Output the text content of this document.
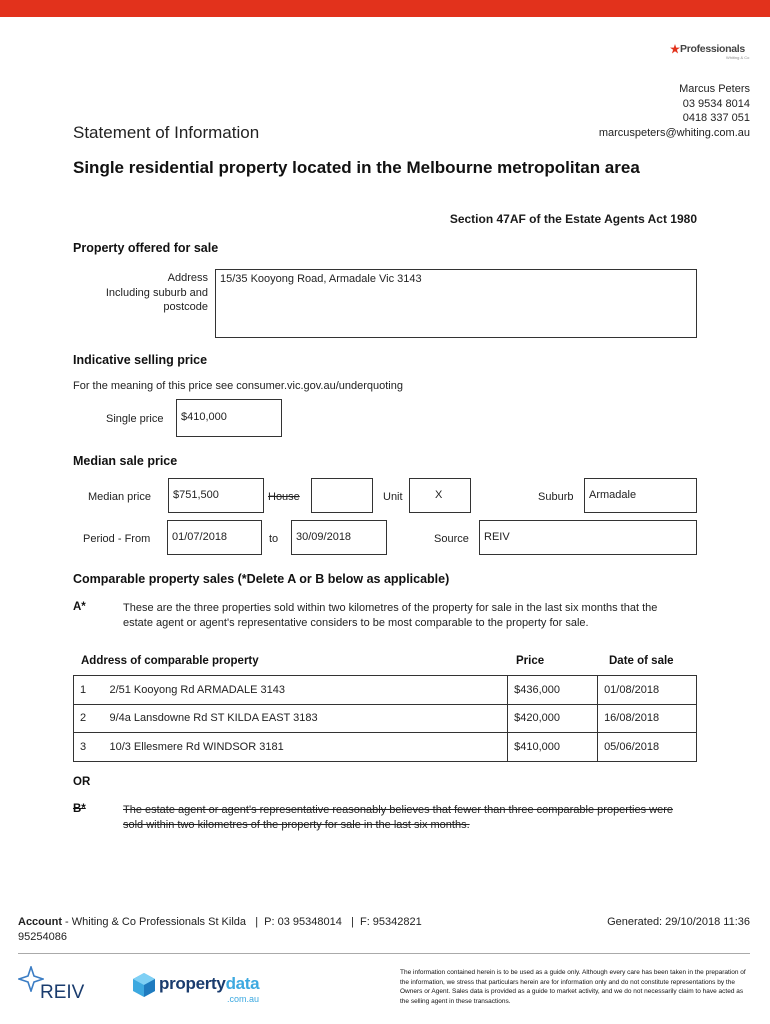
Professionals
Whiting & Co
Marcus Peters
03 9534 8014
0418 337 051
marcuspeters@whiting.com.au
Statement of Information
Single residential property located in the Melbourne metropolitan area
Section 47AF of the Estate Agents Act 1980
Property offered for sale
Address
Including suburb and
postcode
15/35 Kooyong Road, Armadale Vic 3143
Indicative selling price
For the meaning of this price see consumer.vic.gov.au/underquoting
Single price	$410,000
Median sale price
Median price	$751,500	House	Unit	X	Suburb	Armadale
Period - From	01/07/2018	to	30/09/2018	Source	REIV
Comparable property sales (*Delete A or B below as applicable)
A*	These are the three properties sold within two kilometres of the property for sale in the last six months that the estate agent or agent's representative considers to be most comparable to the property for sale.
Address of comparable property	Price	Date of sale
1	2/51 Kooyong Rd ARMADALE 3143	$436,000	01/08/2018
2	9/4a Lansdowne Rd ST KILDA EAST 3183	$420,000	16/08/2018
3	10/3 Ellesmere Rd WINDSOR 3181	$410,000	05/06/2018
OR
B*	The estate agent or agent's representative reasonably believes that fewer than three comparable properties were sold within two kilometres of the property for sale in the last six months.
Account - Whiting & Co Professionals St Kilda   |  P: 03 95348014   |  F: 95342821
95254086
Generated: 29/10/2018 11:36
REIV	propertydata
.com.au
The information contained herein is to be used as a guide only. Although every care has been taken in the preparation of the information, we stress that particulars herein are for information only and do not constitute representations by the Owners or Agent. Sales data is provided as a guide to market activity, and we do not necessarily claim to have acted as the selling agent in these transactions.
